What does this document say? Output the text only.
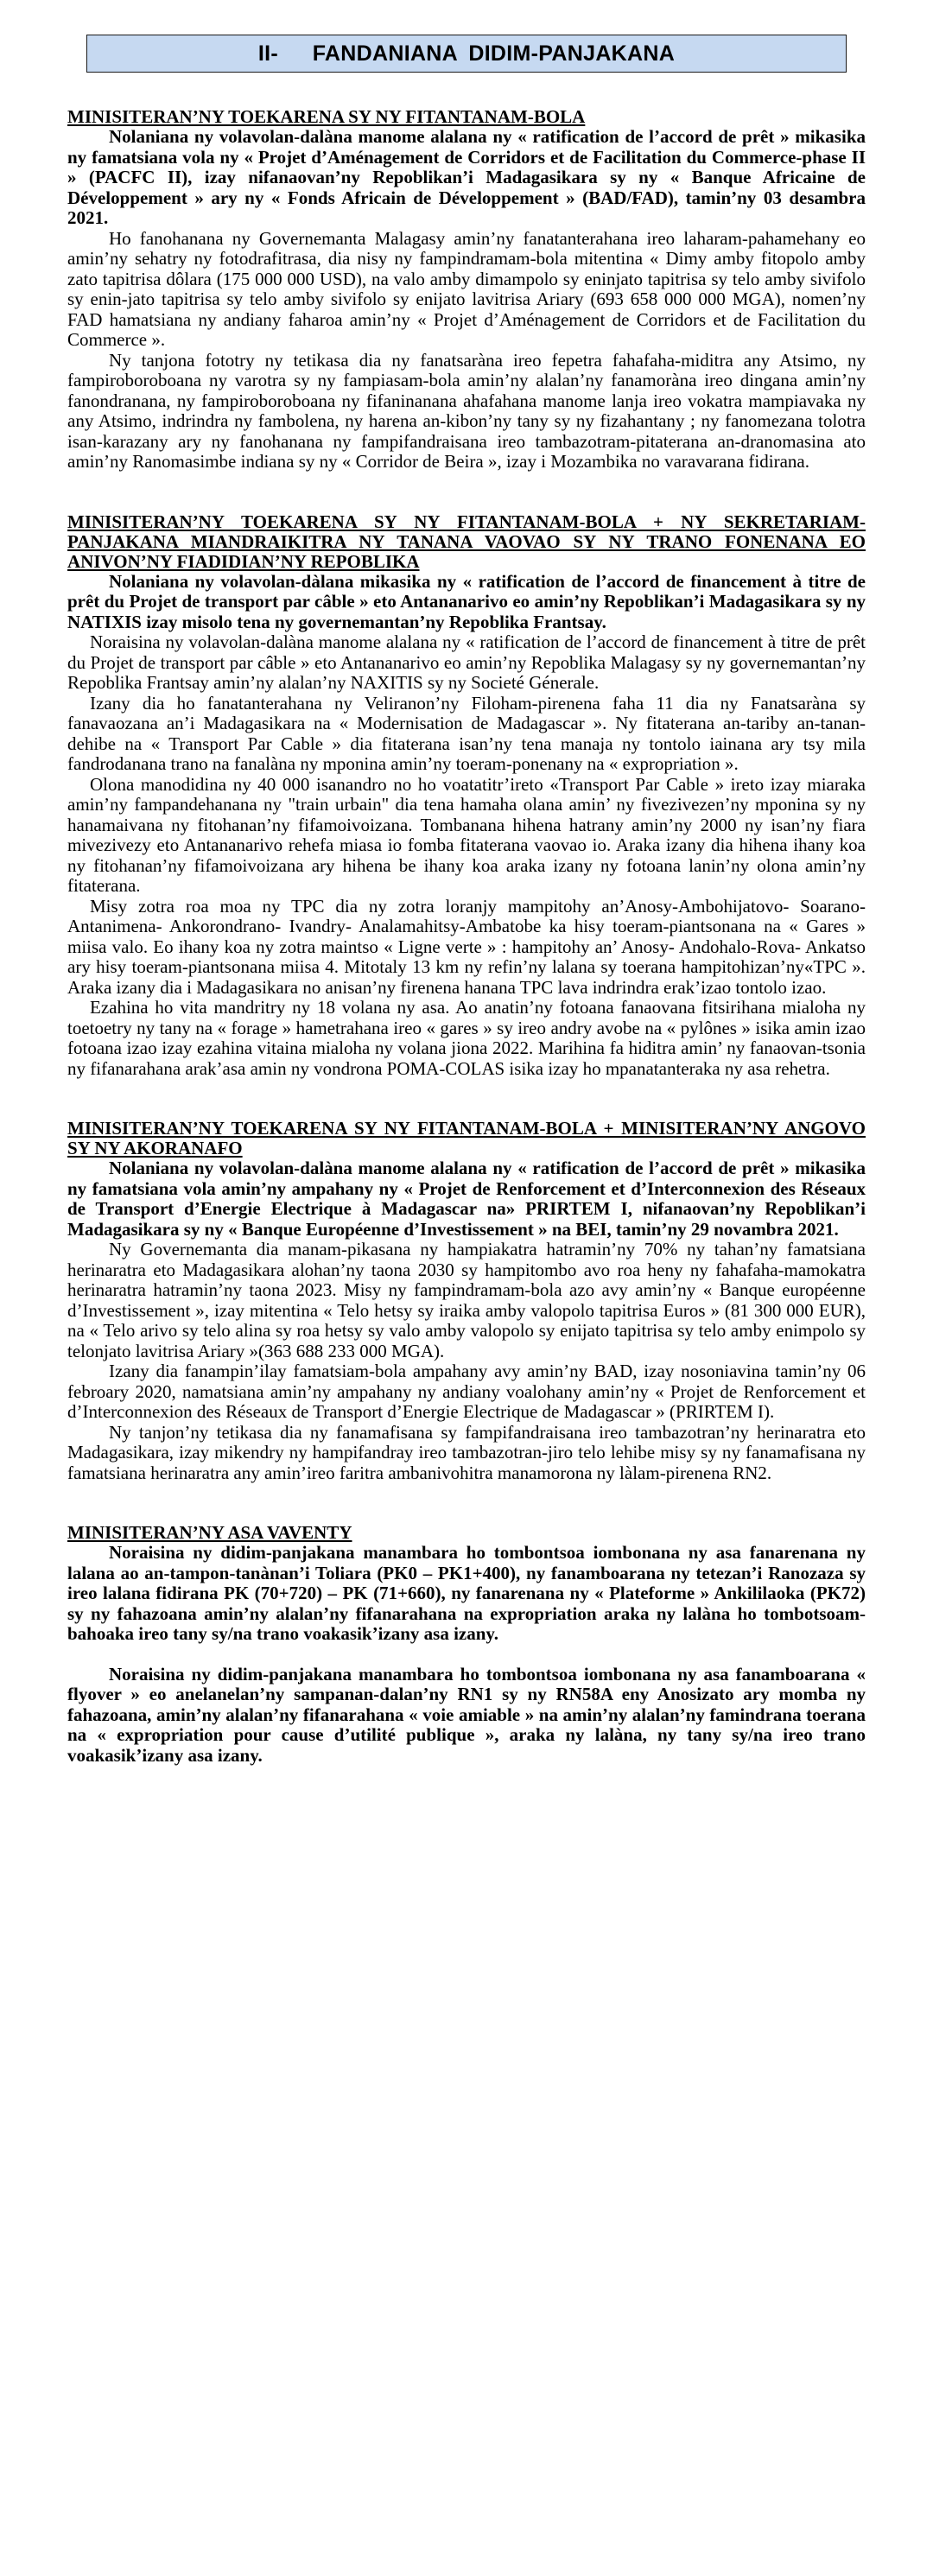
II-   FANDANIANA DIDIM-PANJAKANA
MINISITERAN’NY TOEKARENA SY NY FITANTANAM-BOLA

Nolaniana ny volavolan-dalàna manome alalana ny « ratification de l’accord de prêt » mikasika ny famatsiana vola ny « Projet d’Aménagement de Corridors et de Facilitation du Commerce-phase II » (PACFC II), izay nifanaovan’ny Repoblikan’i Madagasikara sy ny « Banque Africaine de Développement » ary ny « Fonds Africain de Développement » (BAD/FAD), tamin’ny 03 desambra 2021.

Ho fanohanana ny Governemanta Malagasy amin’ny fanatanterahana ireo laharam-pahamehany eo amin’ny sehatry ny fotodrafitrasa, dia nisy ny fampindramam-bola mitentina « Dimy amby fitopolo amby zato tapitrisa dôlara (175 000 000 USD), na valo amby dimampolo sy eninjato tapitrisa sy telo amby sivifolo sy enin-jato tapitrisa sy telo amby sivifolo sy enijato lavitrisa Ariary (693 658 000 000 MGA), nomen’ny FAD hamatsiana ny andiany faharoa amin’ny « Projet d’Aménagement de Corridors et de Facilitation du Commerce ».

Ny tanjona fototry ny tetikasa dia ny fanatsaràna ireo fepetra fahafaha-miditra any Atsimo, ny fampiroboroboana ny varotra sy ny fampiasam-bola amin’ny alalan’ny fanamoràna ireo dingana amin’ny fanondranana, ny fampiroboroboana ny fifaninanana ahafahana manome lanja ireo vokatra mampiavaka ny any Atsimo, indrindra ny fambolena, ny harena an-kibon’ny tany sy ny fizahantany ; ny fanomezana tolotra isan-karazany ary ny fanohanana ny fampifandraisana ireo tambazotram-pitaterana an-dranomasina ato amin’ny Ranomasimbe indiana sy ny « Corridor de Beira », izay i Mozambika no varavarana fidirana.

MINISITERAN’NY TOEKARENA SY NY FITANTANAM-BOLA + NY SEKRETARIAM-PANJAKANA MIANDRAIKITRA NY TANANA VAOVAO SY NY TRANO FONENANA EO ANIVON’NY FIADIDIAN’NY REPOBLIKA

Nolaniana ny volavolan-dàlana mikasika ny « ratification de l’accord de financement à titre de prêt du Projet de transport par câble » eto Antananarivo eo amin’ny Repoblikan’i Madagasikara sy ny NATIXIS izay misolo tena ny governemantan’ny Repoblika Frantsay.

Noraisina ny volavolan-dalàna manome alalana ny « ratification de l’accord de financement à titre de prêt du Projet de transport par câble » eto Antananarivo eo amin’ny Repoblika Malagasy sy ny governemantan’ny Repoblika Frantsay amin’ny alalan’ny NAXITIS sy ny Societé Génerale.

Izany dia ho fanatanterahana ny Veliranon’ny Filoham-pirenena faha 11 dia ny Fanatsaràna sy fanavaozana an’i Madagasikara na « Modernisation de Madagascar ». Ny fitaterana an-tariby an-tanan-dehibe na « Transport Par Cable » dia fitaterana isan’ny tena manaja ny tontolo iainana ary tsy mila fandrodanana trano na fanalàna ny mponina amin’ny toeram-ponenany na « expropriation ».

Olona manodidina ny 40 000 isanandro no ho voatatitr’ireto «Transport Par Cable » ireto izay miaraka amin’ny fampandehanana ny "train urbain" dia tena hamaha olana amin’ ny fivezivezen’ny mponina sy ny hanamaivana ny fitohanan’ny fifamoivoizana. Tombanana hihena hatrany amin’ny 2000 ny isan’ny fiara mivezivezy eto Antananarivo rehefa miasa io fomba fitaterana vaovao io. Araka izany dia hihena ihany koa ny fitohanan’ny fifamoivoizana ary hihena be ihany koa araka izany ny fotoana lanin’ny olona amin’ny fitaterana.

Misy zotra roa moa ny TPC dia ny zotra loranjy mampitohy an’Anosy-Ambohijatovo- Soarano- Antanimena- Ankorondrano- Ivandry- Analamahitsy-Ambatobe ka hisy toeram-piantsonana na « Gares » miisa valo. Eo ihany koa ny zotra maintso « Ligne verte » : hampitohy an’ Anosy- Andohalo-Rova- Ankatso ary hisy toeram-piantsonana miisa 4. Mitotaly 13 km ny refin’ny lalana sy toerana hampitohizan’ny«TPC ». Araka izany dia i Madagasikara no anisan’ny firenena hanana TPC lava indrindra erak’izao tontolo izao.

Ezahina ho vita mandritry ny 18 volana ny asa. Ao anatin’ny fotoana fanaovana fitsirihana mialoha ny toetoetry ny tany na « forage » hametrahana ireo « gares » sy ireo andry avobe na « pylônes » isika amin izao fotoana izao izay ezahina vitaina mialoha ny volana jiona 2022. Marihina fa hiditra amin’ ny fanaovan-tsonia ny fifanarahana arak’asa amin ny vondrona POMA-COLAS isika izay ho mpanatanteraka ny asa rehetra.

MINISITERAN’NY TOEKARENA SY NY FITANTANAM-BOLA + MINISITERAN’NY ANGOVO SY NY AKORANAFO

Nolaniana ny volavolan-dalàna manome alalana ny « ratification de l’accord de prêt » mikasika ny famatsiana vola amin’ny ampahany ny « Projet de Renforcement et d’Interconnexion des Réseaux de Transport d’Energie Electrique à Madagascar na» PRIRTEM I, nifanaovan’ny Repoblikan’i Madagasikara sy ny « Banque Européenne d’Investissement » na BEI, tamin’ny 29 novambra 2021.

Ny Governemanta dia manam-pikasana ny hampiakatra hatramin’ny 70% ny tahan’ny famatsiana herinaratra eto Madagasikara alohan’ny taona 2030 sy hampitombo avo roa heny ny fahafaha-mamokatra herinaratra hatramin’ny taona 2023. Misy ny fampindramam-bola azo avy amin’ny « Banque européenne d’Investissement », izay mitentina « Telo hetsy sy iraika amby valopolo tapitrisa Euros » (81 300 000 EUR), na « Telo arivo sy telo alina sy roa hetsy sy valo amby valopolo sy enijato tapitrisa sy telo amby enimpolo sy telonjato lavitrisa Ariary »(363 688 233 000 MGA).

Izany dia fanampin’ilay famatsiam-bola ampahany avy amin’ny BAD, izay nosoniavina tamin’ny 06 febroary 2020, namatsiana amin’ny ampahany ny andiany voalohany amin’ny « Projet de Renforcement et d’Interconnexion des Réseaux de Transport d’Energie Electrique de Madagascar » (PRIRTEM I).

Ny tanjon’ny tetikasa dia ny fanamafisana sy fampifandraisana ireo tambazotran’ny herinaratra eto Madagasikara, izay mikendry ny hampifandray ireo tambazotran-jiro telo lehibe misy sy ny fanamafisana ny famatsiana herinaratra any amin’ireo faritra ambanivohitra manamorona ny làlam-pirenena RN2.

MINISITERAN’NY ASA VAVENTY

Noraisina ny didim-panjakana manambara ho tombontsoa iombonana ny asa fanarenana ny lalana ao an-tampon-tanànan’i Toliara (PK0 – PK1+400), ny fanamboarana ny tetezan’i Ranozaza sy ireo lalana fidirana PK (70+720) – PK (71+660), ny fanarenana ny « Plateforme » Ankililaoka (PK72) sy ny fahazoana amin’ny alalan’ny fifanarahana na expropriation araka ny lalàna ho tombotsoam-bahoaka ireo tany sy/na trano voakasik’izany asa izany.

Noraisina ny didim-panjakana manambara ho tombontsoa iombonana ny asa fanamboarana « flyover » eo anelanelan’ny sampanan-dalan’ny RN1 sy ny RN58A eny Anosizato ary momba ny fahazoana, amin’ny alalan’ny fifanarahana « voie amiable » na amin’ny alalan’ny famindrana toerana na « expropriation pour cause d’utilité publique », araka ny lalàna, ny tany sy/na ireo trano voakasik’izany asa izany.
